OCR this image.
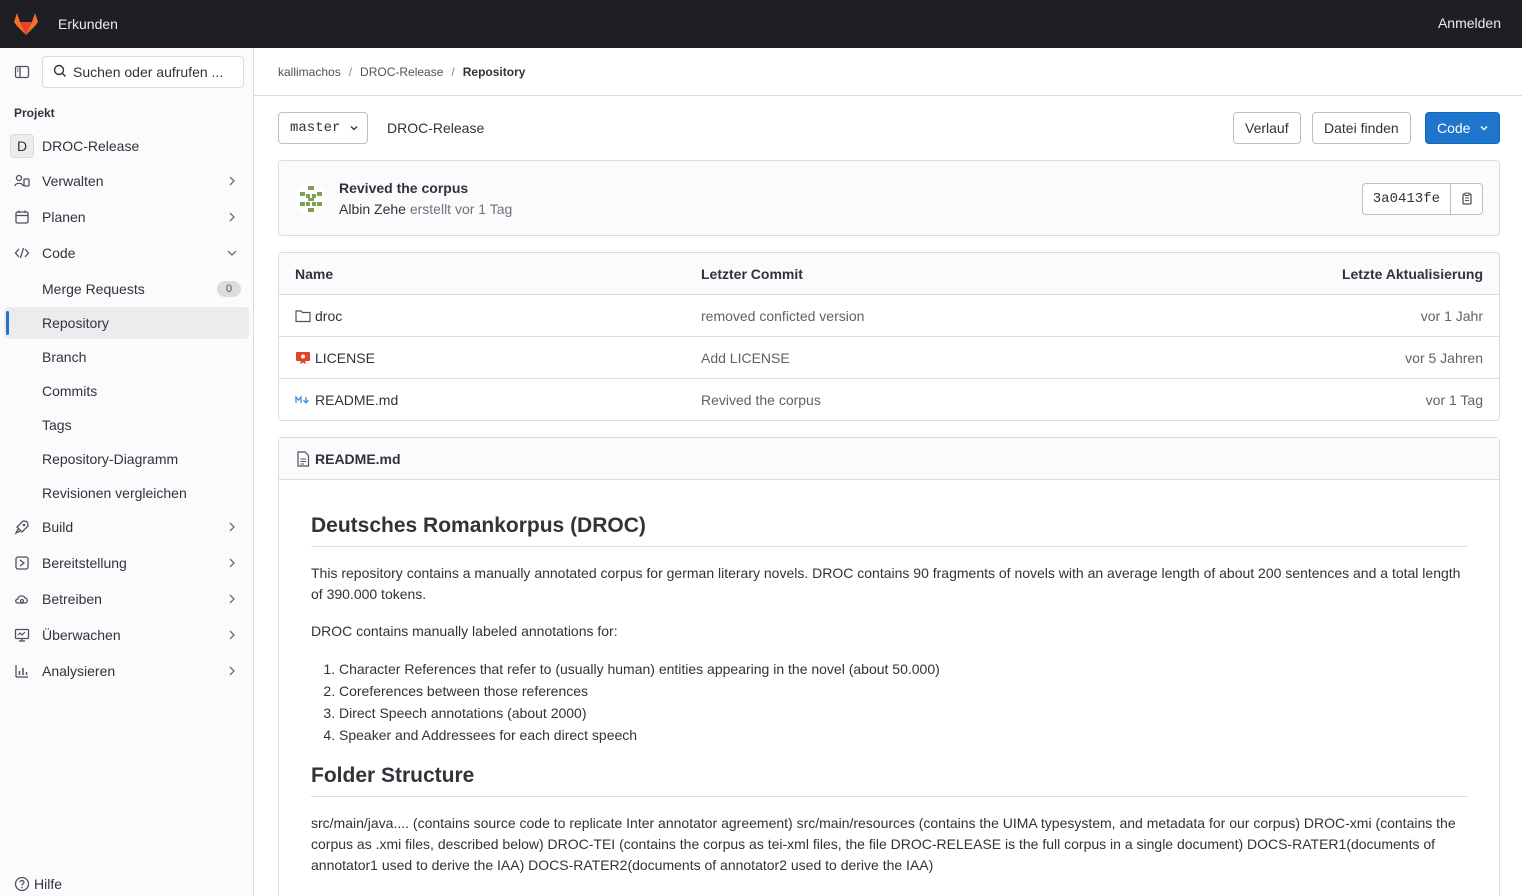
Erkunden	Anmelden
Suchen oder aufrufen ...
Projekt
D	DROC-Release
Verwalten
Planen
Code
Merge Requests	0
Repository
Branch
Commits
Tags
Repository-Diagramm
Revisionen vergleichen
Build
Bereitstellung
Betreiben
Überwachen
Analysieren
Hilfe
kallimachos / DROC-Release / Repository
master	DROC-Release	Verlauf	Datei finden	Code
Revived the corpus
Albin Zehe erstellt vor 1 Tag
3a0413fe
Name	Letzter Commit	Letzte Aktualisierung
droc	removed conficted version	vor 1 Jahr
LICENSE	Add LICENSE	vor 5 Jahren
README.md	Revived the corpus	vor 1 Tag
README.md
Deutsches Romankorpus (DROC)

This repository contains a manually annotated corpus for german literary novels. DROC contains 90 fragments of novels with an average length of about 200 sentences and a total length of 390.000 tokens.

DROC contains manually labeled annotations for:

1. Character References that refer to (usually human) entities appearing in the novel (about 50.000)
2. Coreferences between those references
3. Direct Speech annotations (about 2000)
4. Speaker and Addressees for each direct speech
Folder Structure

src/main/java.... (contains source code to replicate Inter annotator agreement) src/main/resources (contains the UIMA typesystem, and metadata for our corpus) DROC-xmi (contains the corpus as .xmi files, described below) DROC-TEI (contains the corpus as tei-xml files, the file DROC-RELEASE is the full corpus in a single document) DOCS-RATER1(documents of annotator1 used to derive the IAA) DOCS-RATER2(documents of annotator2 used to derive the IAA)
